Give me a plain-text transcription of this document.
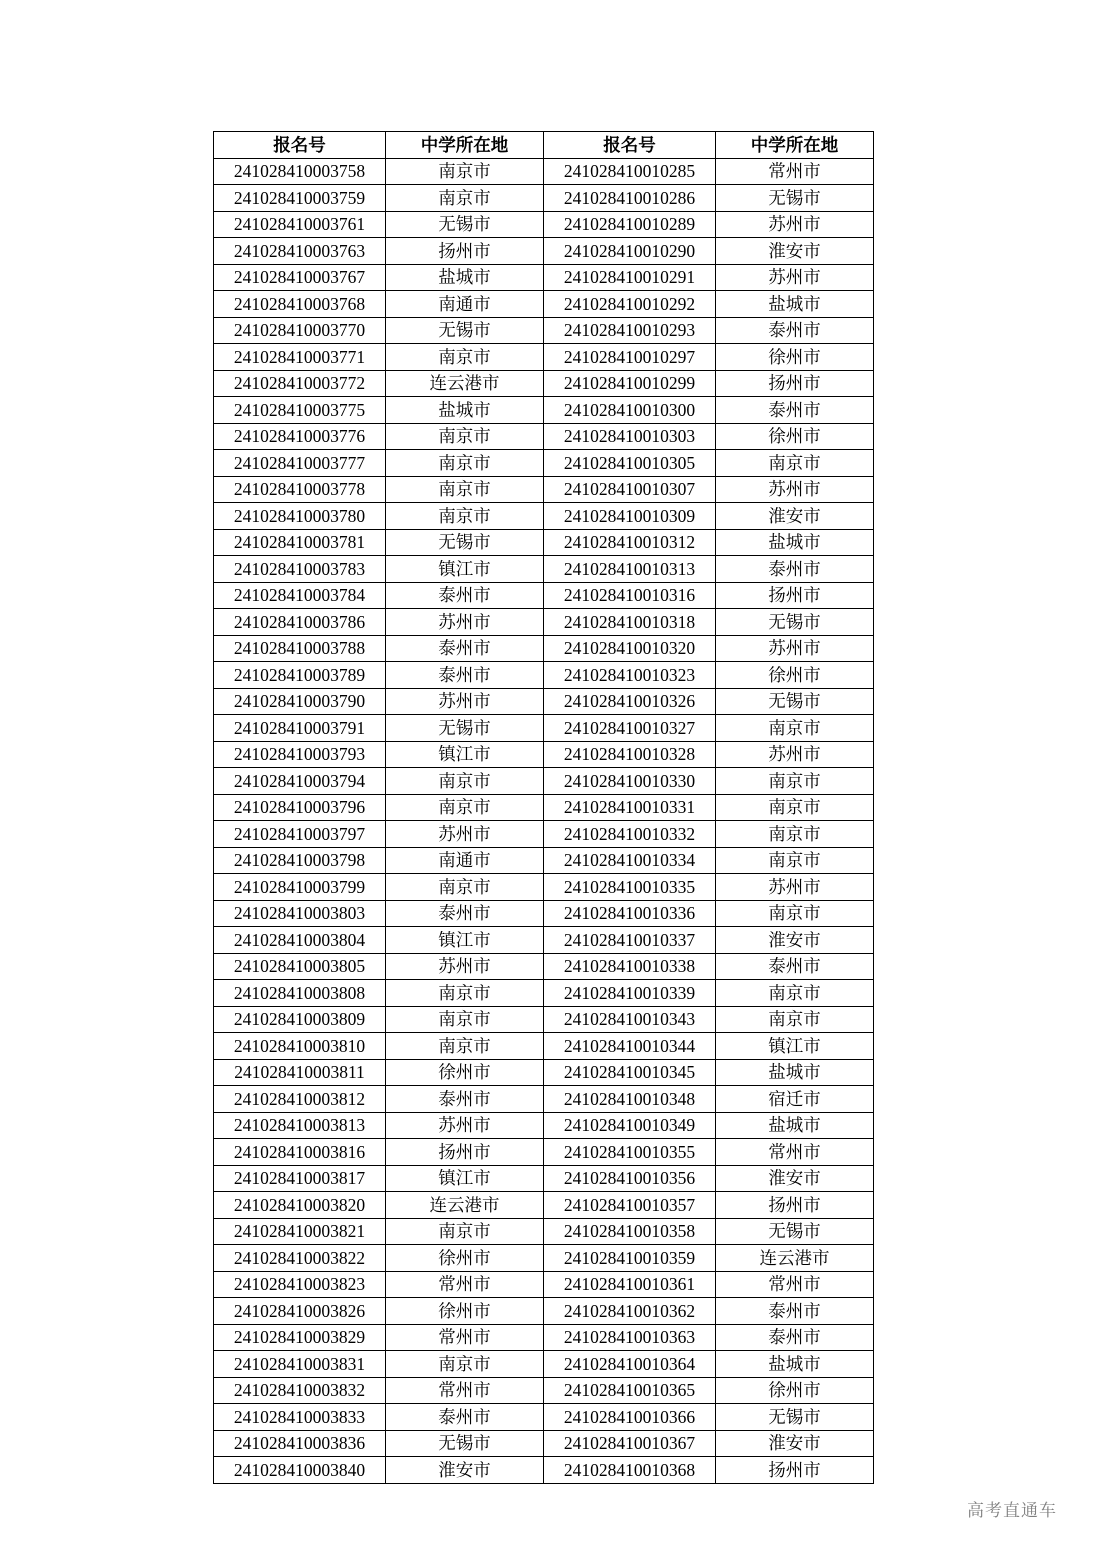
报名号	中学所在地	报名号	中学所在地
241028410003758	南京市	241028410010285	常州市
241028410003759	南京市	241028410010286	无锡市
241028410003761	无锡市	241028410010289	苏州市
241028410003763	扬州市	241028410010290	淮安市
241028410003767	盐城市	241028410010291	苏州市
241028410003768	南通市	241028410010292	盐城市
241028410003770	无锡市	241028410010293	泰州市
241028410003771	南京市	241028410010297	徐州市
241028410003772	连云港市	241028410010299	扬州市
241028410003775	盐城市	241028410010300	泰州市
241028410003776	南京市	241028410010303	徐州市
241028410003777	南京市	241028410010305	南京市
241028410003778	南京市	241028410010307	苏州市
241028410003780	南京市	241028410010309	淮安市
241028410003781	无锡市	241028410010312	盐城市
241028410003783	镇江市	241028410010313	泰州市
241028410003784	泰州市	241028410010316	扬州市
241028410003786	苏州市	241028410010318	无锡市
241028410003788	泰州市	241028410010320	苏州市
241028410003789	泰州市	241028410010323	徐州市
241028410003790	苏州市	241028410010326	无锡市
241028410003791	无锡市	241028410010327	南京市
241028410003793	镇江市	241028410010328	苏州市
241028410003794	南京市	241028410010330	南京市
241028410003796	南京市	241028410010331	南京市
241028410003797	苏州市	241028410010332	南京市
241028410003798	南通市	241028410010334	南京市
241028410003799	南京市	241028410010335	苏州市
241028410003803	泰州市	241028410010336	南京市
241028410003804	镇江市	241028410010337	淮安市
241028410003805	苏州市	241028410010338	泰州市
241028410003808	南京市	241028410010339	南京市
241028410003809	南京市	241028410010343	南京市
241028410003810	南京市	241028410010344	镇江市
241028410003811	徐州市	241028410010345	盐城市
241028410003812	泰州市	241028410010348	宿迁市
241028410003813	苏州市	241028410010349	盐城市
241028410003816	扬州市	241028410010355	常州市
241028410003817	镇江市	241028410010356	淮安市
241028410003820	连云港市	241028410010357	扬州市
241028410003821	南京市	241028410010358	无锡市
241028410003822	徐州市	241028410010359	连云港市
241028410003823	常州市	241028410010361	常州市
241028410003826	徐州市	241028410010362	泰州市
241028410003829	常州市	241028410010363	泰州市
241028410003831	南京市	241028410010364	盐城市
241028410003832	常州市	241028410010365	徐州市
241028410003833	泰州市	241028410010366	无锡市
241028410003836	无锡市	241028410010367	淮安市
241028410003840	淮安市	241028410010368	扬州市
高考直通车
